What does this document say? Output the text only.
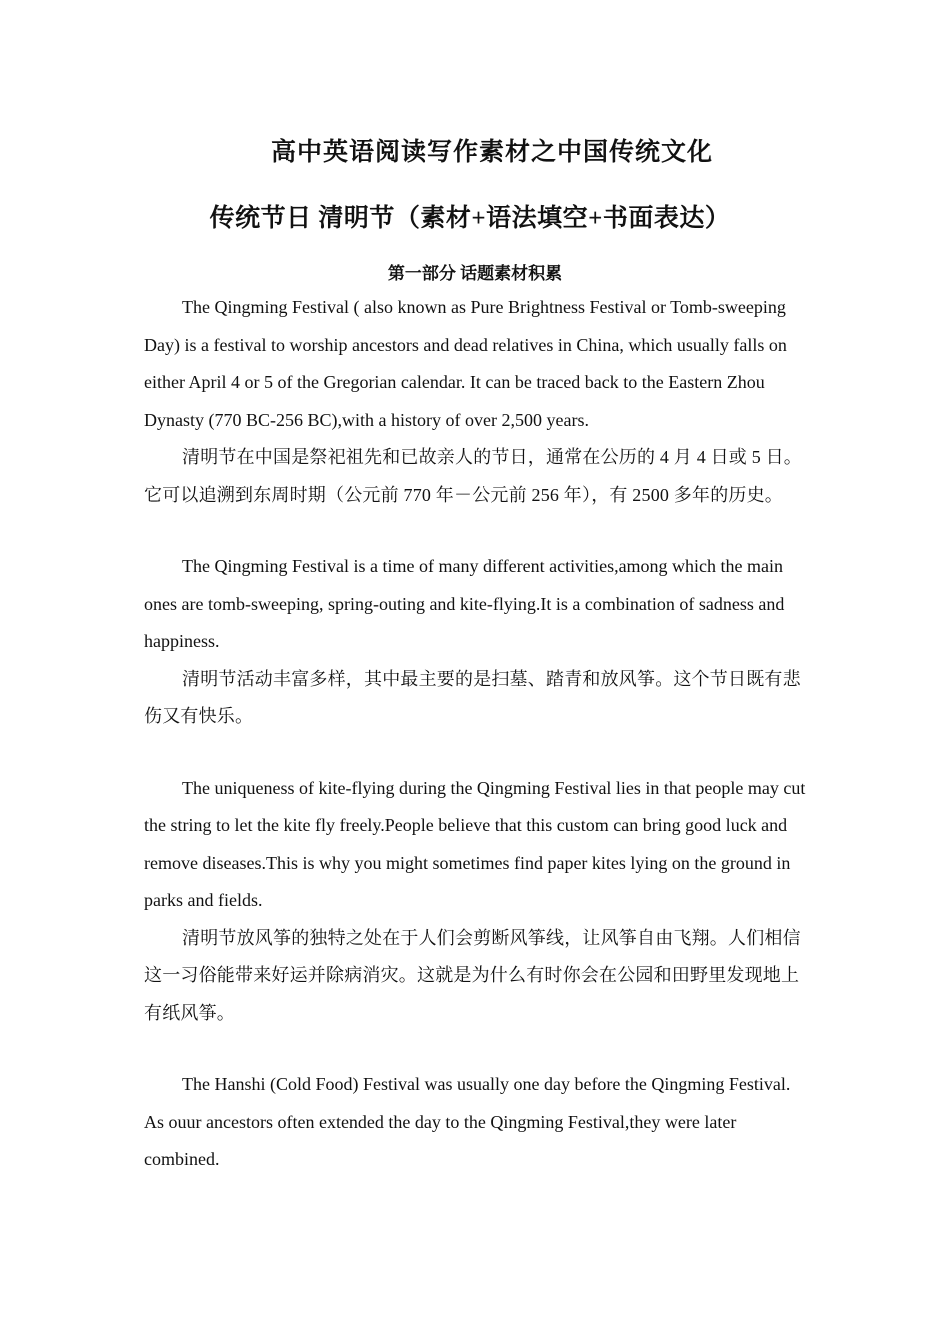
高中英语阅读写作素材之中国传统文化
传统节日 清明节（素材+语法填空+书面表达）
第一部分 话题素材积累

The Qingming Festival ( also known as Pure Brightness Festival or Tomb-sweeping Day) is a festival to worship ancestors and dead relatives in China, which usually falls on either April 4 or 5 of the Gregorian calendar. It can be traced back to the Eastern Zhou Dynasty (770 BC-256 BC),with a history of over 2,500 years.

清明节在中国是祭祀祖先和已故亲人的节日，通常在公历的 4 月 4 日或 5 日。它可以追溯到东周时期（公元前 770 年－公元前 256 年），有 2500 多年的历史。

The Qingming Festival is a time of many different activities,among which the main ones are tomb-sweeping, spring-outing and kite-flying.It is a combination of sadness and happiness.

清明节活动丰富多样，其中最主要的是扫墓、踏青和放风筝。这个节日既有悲伤又有快乐。

The uniqueness of kite-flying during the Qingming Festival lies in that people may cut the string to let the kite fly freely.People believe that this custom can bring good luck and remove diseases.This is why you might sometimes find paper kites lying on the ground in parks and fields.

清明节放风筝的独特之处在于人们会剪断风筝线，让风筝自由飞翔。人们相信这一习俗能带来好运并除病消灾。这就是为什么有时你会在公园和田野里发现地上有纸风筝。

The Hanshi (Cold Food) Festival was usually one day before the Qingming Festival. As ouur ancestors often extended the day to the Qingming Festival,they were later combined.
